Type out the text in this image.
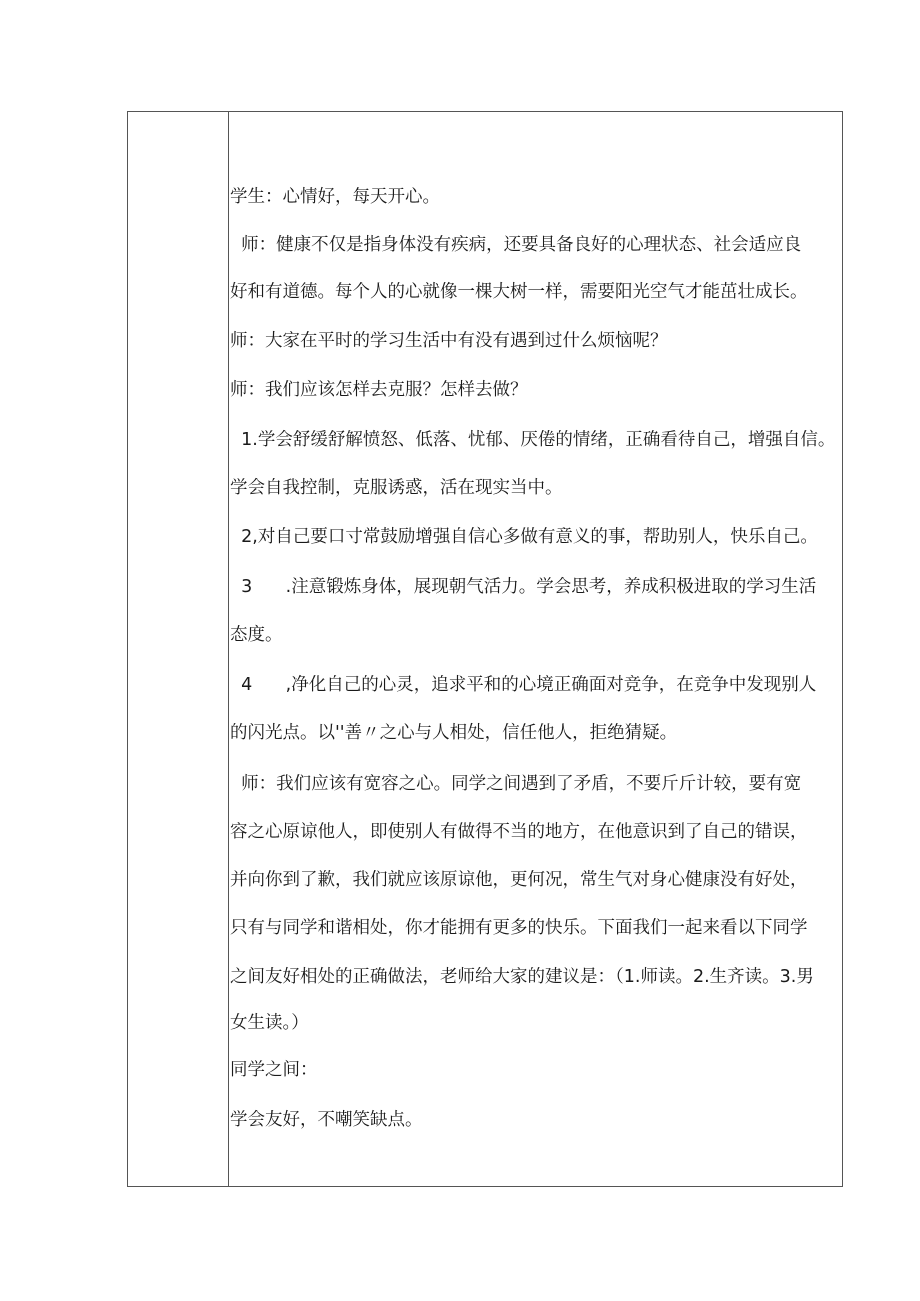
学生：心情好，每天开心。
师：健康不仅是指身体没有疾病，还要具备良好的心理状态、社会适应良
好和有道德。每个人的心就像一棵大树一样，需要阳光空气才能茁壮成长。
师：大家在平时的学习生活中有没有遇到过什么烦恼呢？
师：我们应该怎样去克服？怎样去做？
1.学会舒缓舒解愤怒、低落、忧郁、厌倦的情绪，正确看待自己，增强自信。
学会自我控制，克服诱惑，活在现实当中。
2,对自己要口寸常鼓励增强自信心多做有意义的事，帮助别人，快乐自己。
3      .注意锻炼身体，展现朝气活力。学会思考，养成积极进取的学习生活
态度。
4      ,净化自己的心灵，追求平和的心境正确面对竞争，在竞争中发现别人
的闪光点。以''善〃之心与人相处，信任他人，拒绝猜疑。
师：我们应该有宽容之心。同学之间遇到了矛盾，不要斤斤计较，要有宽
容之心原谅他人，即使别人有做得不当的地方，在他意识到了自己的错误，
并向你到了歉，我们就应该原谅他，更何况，常生气对身心健康没有好处，
只有与同学和谐相处，你才能拥有更多的快乐。下面我们一起来看以下同学
之间友好相处的正确做法，老师给大家的建议是：（1.师读。2.生齐读。3.男
女生读。）
同学之间：
学会友好，不嘲笑缺点。
